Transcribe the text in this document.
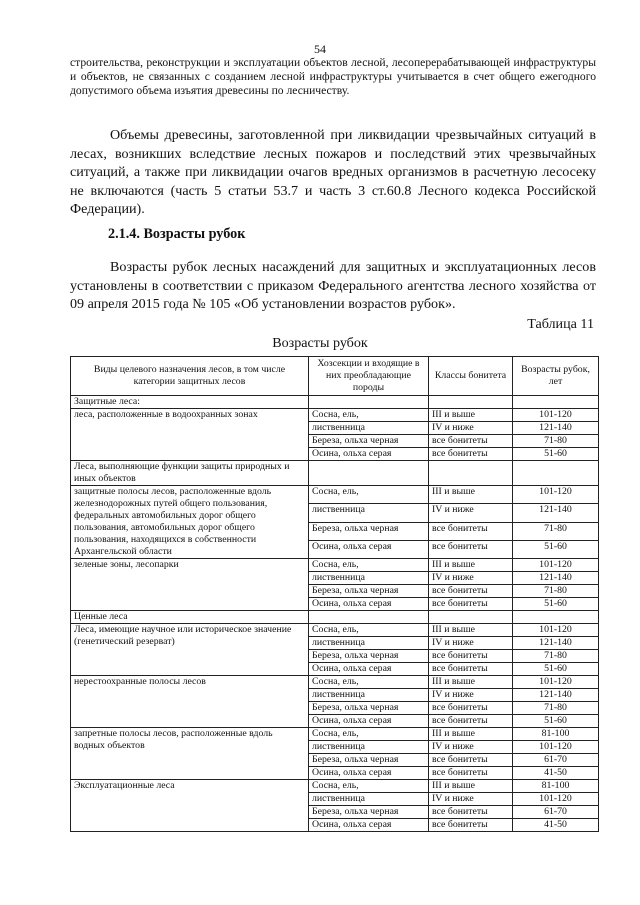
54
строительства, реконструкции и эксплуатации объектов лесной, лесоперерабатывающей инфраструктуры и объектов, не связанных с созданием лесной инфраструктуры учитывается в счет общего ежегодного допустимого объема изъятия древесины по лесничеству.
Объемы древесины, заготовленной при ликвидации чрезвычайных ситуаций в лесах, возникших вследствие лесных пожаров и последствий этих чрезвычайных ситуаций, а также при ликвидации очагов вредных организмов в расчетную лесосеку не включаются (часть 5 статьи 53.7 и часть 3 ст.60.8 Лесного кодекса Российской Федерации).
2.1.4. Возрасты рубок
Возрасты рубок лесных насаждений для защитных и эксплуатационных лесов установлены в соответствии с приказом Федерального агентства лесного хозяйства от 09 апреля 2015 года № 105 «Об установлении возрастов рубок».
Таблица 11
Возрасты рубок
Виды целевого назначения лесов, в том числе категории защитных лесов	Хозсекции и входящие в них преобладающие породы	Классы бонитета	Возрасты рубок, лет
Защитные леса:			
леса, расположенные в водоохранных зонах	Сосна, ель,	III и выше	101-120
	лиственница	IV и ниже	121-140
	Береза, ольха черная	все бонитеты	71-80
	Осина, ольха серая	все бонитеты	51-60
Леса, выполняющие функции защиты природных и иных объектов			
защитные полосы лесов, расположенные вдоль железнодорожных путей общего пользования, федеральных автомобильных дорог общего пользования, автомобильных дорог общего пользования, находящихся в собственности Архангельской области	Сосна, ель,	III и выше	101-120
	лиственница	IV и ниже	121-140
	Береза, ольха черная	все бонитеты	71-80
	Осина, ольха серая	все бонитеты	51-60
зеленые зоны, лесопарки	Сосна, ель,	III и выше	101-120
	лиственница	IV и ниже	121-140
	Береза, ольха черная	все бонитеты	71-80
	Осина, ольха серая	все бонитеты	51-60
Ценные леса			
Леса, имеющие научное или историческое значение (генетический резерват)	Сосна, ель,	III и выше	101-120
	лиственница	IV и ниже	121-140
	Береза, ольха черная	все бонитеты	71-80
	Осина, ольха серая	все бонитеты	51-60
нерестоохранные полосы лесов	Сосна, ель,	III и выше	101-120
	лиственница	IV и ниже	121-140
	Береза, ольха черная	все бонитеты	71-80
	Осина, ольха серая	все бонитеты	51-60
запретные полосы лесов, расположенные вдоль водных объектов	Сосна, ель,	III и выше	81-100
	лиственница	IV и ниже	101-120
	Береза, ольха черная	все бонитеты	61-70
	Осина, ольха серая	все бонитеты	41-50
Эксплуатационные леса	Сосна, ель,	III и выше	81-100
	лиственница	IV и ниже	101-120
	Береза, ольха черная	все бонитеты	61-70
	Осина, ольха серая	все бонитеты	41-50
